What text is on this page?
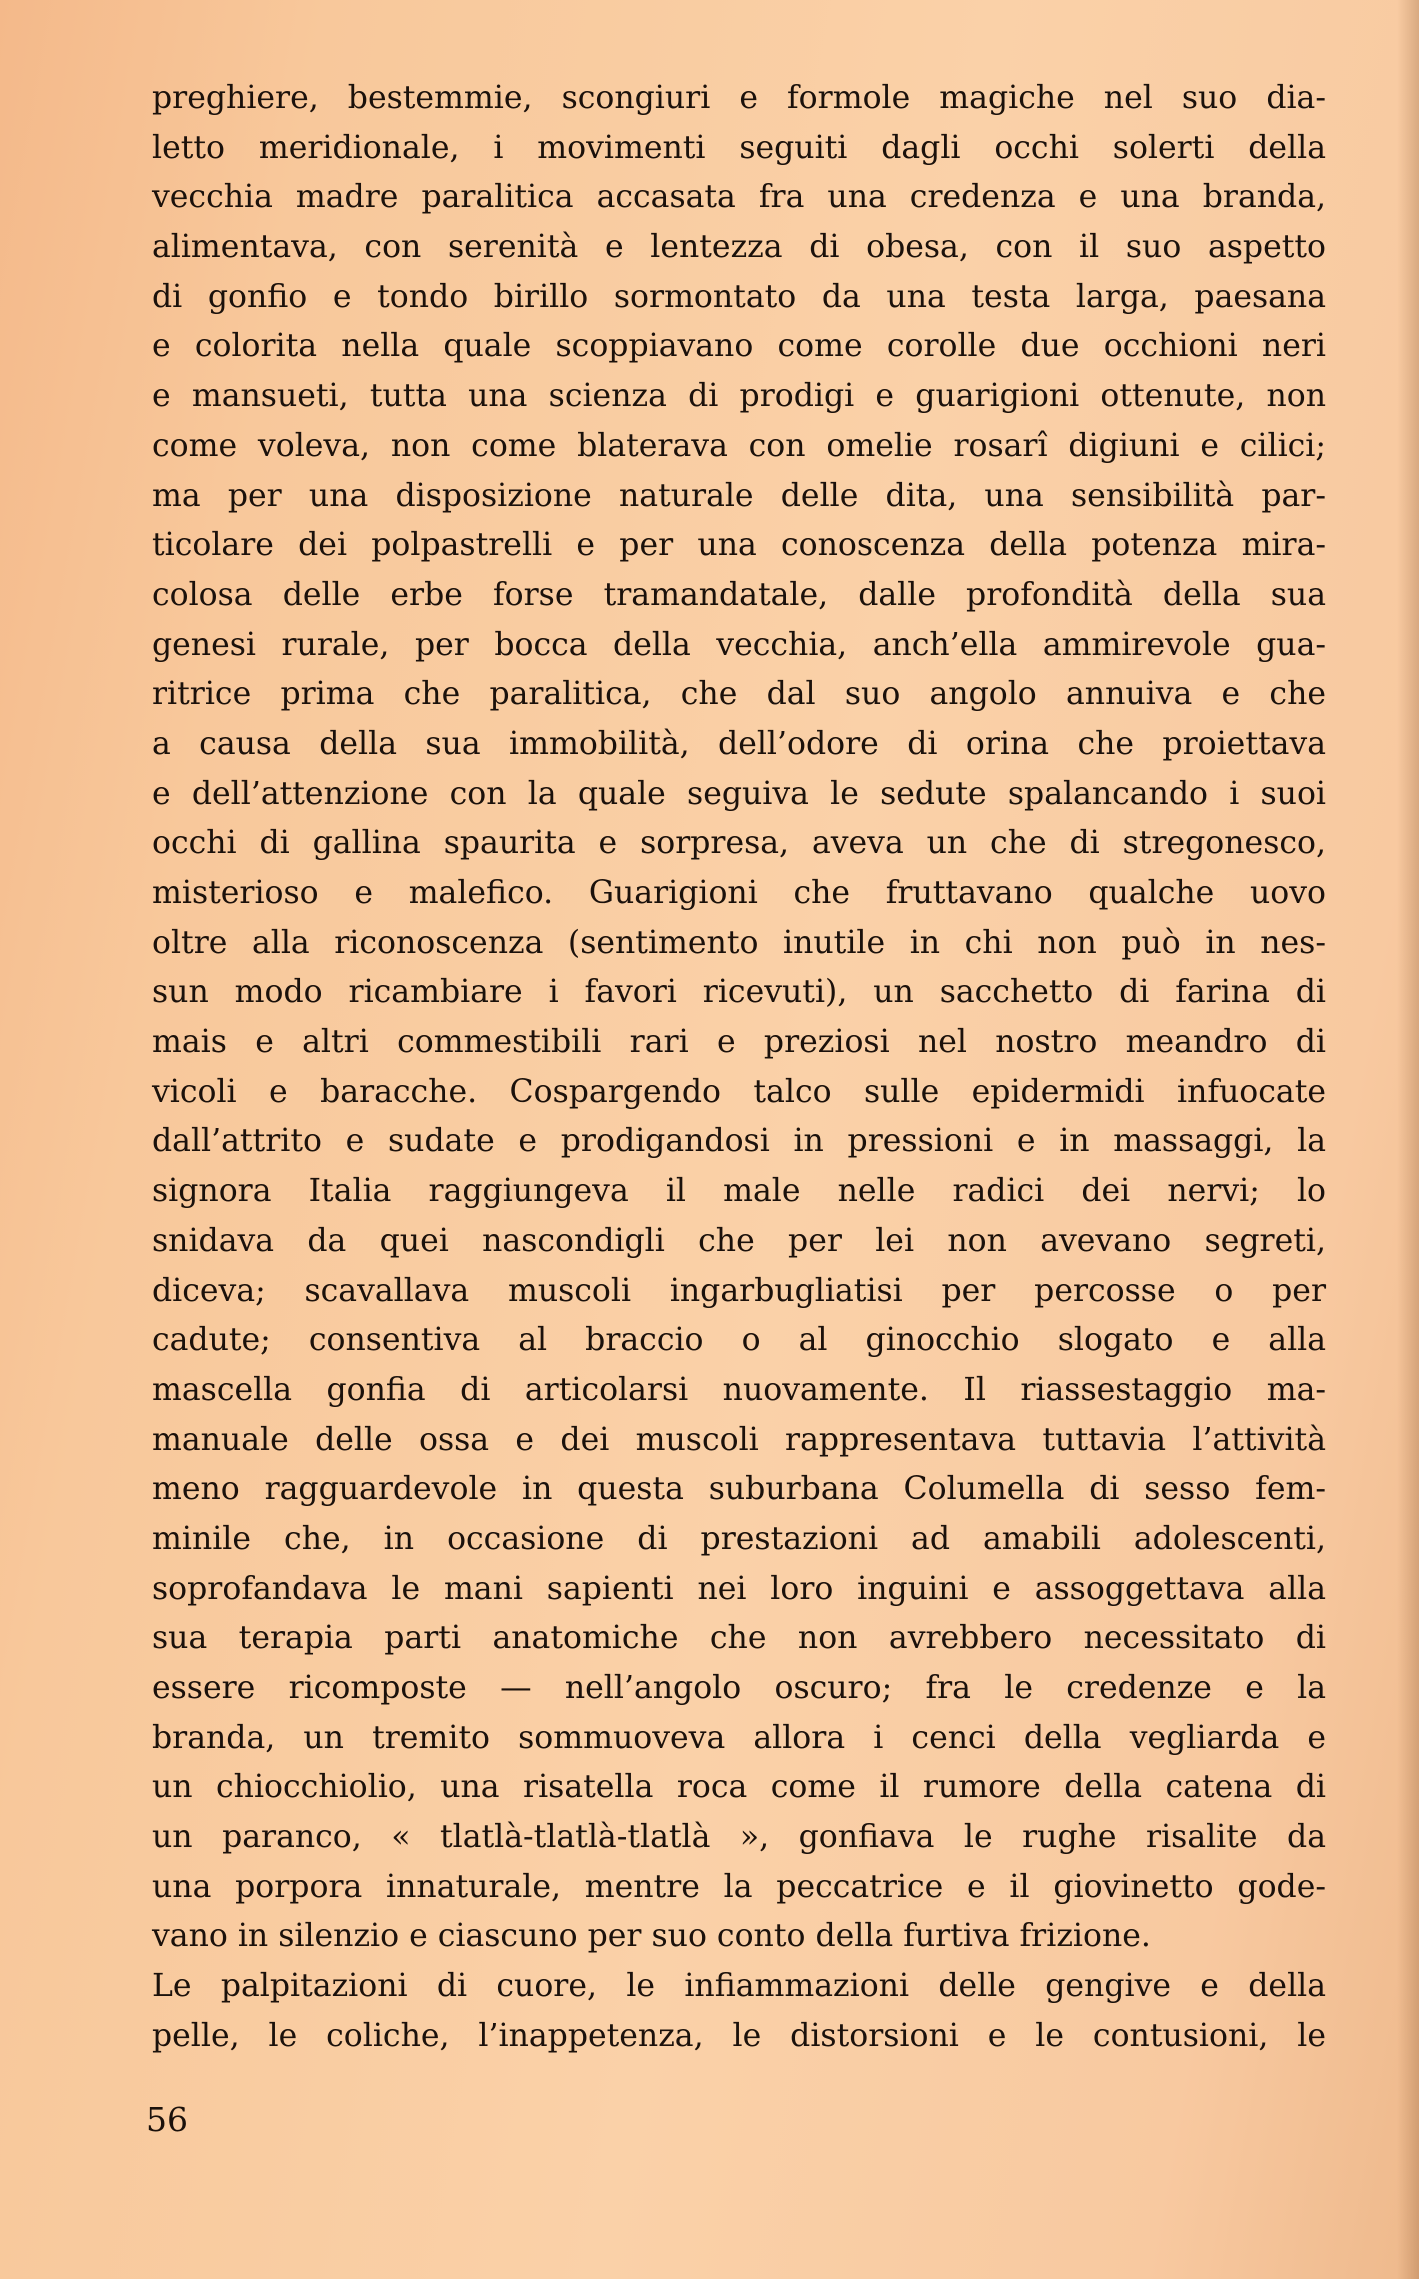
preghiere, bestemmie, scongiuri e formole magiche nel suo dia-
letto meridionale, i movimenti seguiti dagli occhi solerti della
vecchia madre paralitica accasata fra una credenza e una branda,
alimentava, con serenità e lentezza di obesa, con il suo aspetto
di gonfio e tondo birillo sormontato da una testa larga, paesana
e colorita nella quale scoppiavano come corolle due occhioni neri
e mansueti, tutta una scienza di prodigi e guarigioni ottenute, non
come voleva, non come blaterava con omelie rosarî digiuni e cilici;
ma per una disposizione naturale delle dita, una sensibilità par-
ticolare dei polpastrelli e per una conoscenza della potenza mira-
colosa delle erbe forse tramandatale, dalle profondità della sua
genesi rurale, per bocca della vecchia, anch’ella ammirevole gua-
ritrice prima che paralitica, che dal suo angolo annuiva e che
a causa della sua immobilità, dell’odore di orina che proiettava
e dell’attenzione con la quale seguiva le sedute spalancando i suoi
occhi di gallina spaurita e sorpresa, aveva un che di stregonesco,
misterioso e malefico. Guarigioni che fruttavano qualche uovo
oltre alla riconoscenza (sentimento inutile in chi non può in nes-
sun modo ricambiare i favori ricevuti), un sacchetto di farina di
mais e altri commestibili rari e preziosi nel nostro meandro di
vicoli e baracche. Cospargendo talco sulle epidermidi infuocate
dall’attrito e sudate e prodigandosi in pressioni e in massaggi, la
signora Italia raggiungeva il male nelle radici dei nervi; lo
snidava da quei nascondigli che per lei non avevano segreti,
diceva; scavallava muscoli ingarbugliatisi per percosse o per
cadute; consentiva al braccio o al ginocchio slogato e alla
mascella gonfia di articolarsi nuovamente. Il riassestaggio ma-
manuale delle ossa e dei muscoli rappresentava tuttavia l’attività
meno ragguardevole in questa suburbana Columella di sesso fem-
minile che, in occasione di prestazioni ad amabili adolescenti,
soprofandava le mani sapienti nei loro inguini e assoggettava alla
sua terapia parti anatomiche che non avrebbero necessitato di
essere ricomposte — nell’angolo oscuro; fra le credenze e la
branda, un tremito sommuoveva allora i cenci della vegliarda e
un chiocchiolio, una risatella roca come il rumore della catena di
un paranco, « tlatlà-tlatlà-tlatlà », gonfiava le rughe risalite da
una porpora innaturale, mentre la peccatrice e il giovinetto gode-
vano in silenzio e ciascuno per suo conto della furtiva frizione.
Le palpitazioni di cuore, le infiammazioni delle gengive e della
pelle, le coliche, l’inappetenza, le distorsioni e le contusioni, le
56
